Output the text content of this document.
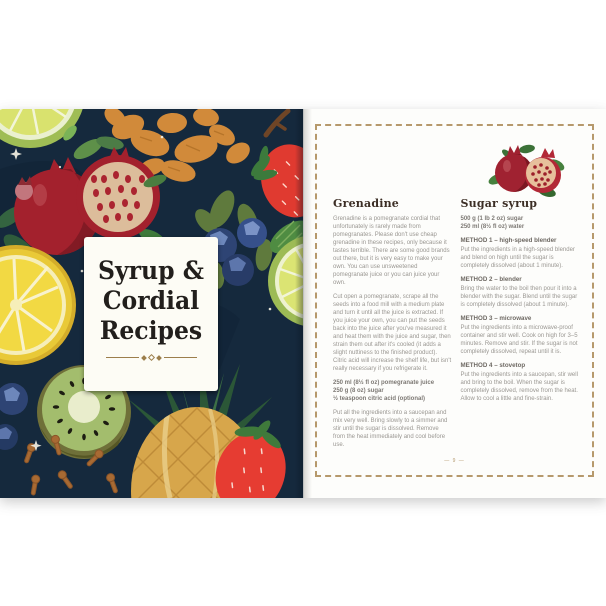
Syrup &
Cordial
Recipes
Grenadine

Grenadine is a pomegranate cordial that unfortunately is rarely made from pomegranates. Please don't use cheap grenadine in these recipes, only because it tastes terrible. There are some good brands out there, but it is very easy to make your own. You can use unsweetened pomegranate juice or you can juice your own.

Cut open a pomegranate, scrape all the seeds into a food mill with a medium plate and turn it until all the juice is extracted. If you juice your own, you can put the seeds back into the juice after you've measured it and heat them with the juice and sugar, then strain them out after it's cooled (it adds a slight nuttiness to the finished product). Citric acid will increase the shelf life, but isn't really necessary if you refrigerate it.

250 ml (8½ fl oz) pomegranate juice
250 g (8 oz) sugar
½ teaspoon citric acid (optional)

Put all the ingredients into a saucepan and mix very well. Bring slowly to a simmer and stir until the sugar is dissolved. Remove from the heat immediately and cool before use.

Sugar syrup
500 g (1 lb 2 oz) sugar
250 ml (8½ fl oz) water
METHOD 1 – high-speed blender

Put the ingredients in a high-speed blender and blend on high until the sugar is completely dissolved (about 1 minute).

METHOD 2 – blender

Bring the water to the boil then pour it into a blender with the sugar. Blend until the sugar is completely dissolved (about 1 minute).

METHOD 3 – microwave

Put the ingredients into a microwave-proof container and stir well. Cook on high for 3–5 minutes. Remove and stir. If the sugar is not completely dissolved, repeat until it is.

METHOD 4 – stovetop

Put the ingredients into a saucepan, stir well and bring to the boil. When the sugar is completely dissolved, remove from the heat. Allow to cool a little and fine-strain.

— 9 —
